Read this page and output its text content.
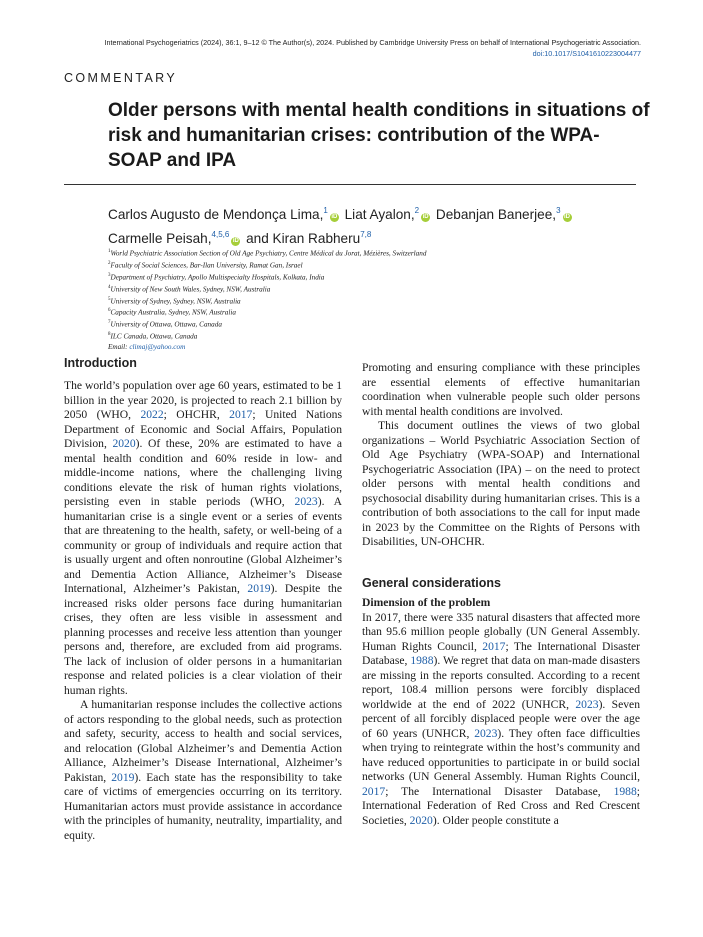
International Psychogeriatrics (2024), 36:1, 9–12 © The Author(s), 2024. Published by Cambridge University Press on behalf of International Psychogeriatric Association.
doi:10.1017/S1041610223004477
COMMENTARY
Older persons with mental health conditions in situations of risk and humanitarian crises: contribution of the WPA-SOAP and IPA
Carlos Augusto de Mendonça Lima,$^1$iD Liat Ayalon,$^2$iD Debanjan Banerjee,$^3$iD
Carmelle Peisah,$^{4,5,6}$iD and Kiran Rabheru$^{7,8}$
$^1$World Psychiatric Association Section of Old Age Psychiatry, Centre Médical du Jorat, Mézières, Switzerland
$^2$Faculty of Social Sciences, Bar-Ilan University, Ramat Gan, Israel
$^3$Department of Psychiatry, Apollo Multispecialty Hospitals, Kolkata, India
$^4$University of New South Wales, Sydney, NSW, Australia
$^5$University of Sydney, Sydney, NSW, Australia
$^6$Capacity Australia, Sydney, NSW, Australia
$^7$University of Ottawa, Ottawa, Canada
$^8$ILC Canada, Ottawa, Canada
Email: climaj@yahoo.com
Introduction

The world’s population over age 60 years, estimated to be 1 billion in the year 2020, is projected to reach 2.1 billion by 2050 (WHO, 2022; OHCHR, 2017; United Nations Department of Economic and Social Affairs, Population Division, 2020). Of these, 20% are estimated to have a mental health condition and 60% reside in low- and middle-income nations, where the challenging living conditions elevate the risk of human rights violations, persisting even in stable periods (WHO, 2023). A humanitarian crise is a single event or a series of events that are threatening to the health, safety, or well-being of a community or group of individuals and require action that is usually urgent and often nonroutine (Global Alzheimer’s and Dementia Action Alliance, Alzheimer’s Disease International, Alzheimer’s Pakistan, 2019). Despite the increased risks older persons face during humanitarian crises, they often are less visible in assessment and planning processes and receive less attention than younger persons and, therefore, are excluded from aid programs. The lack of inclusion of older persons in a humanitarian response and related policies is a clear violation of their human rights.

A humanitarian response includes the collective actions of actors responding to the global needs, such as protection and safety, security, access to health and social services, and relocation (Global Alzheimer’s and Dementia Action Alliance, Alzheimer’s Disease International, Alzheimer’s Pakistan, 2019). Each state has the responsibility to take care of victims of emergencies occurring on its territory. Humanitarian actors must provide assistance in accordance with the principles of humanity, neutrality, impartiality, and equity.

Promoting and ensuring compliance with these principles are essential elements of effective humanitarian coordination when vulnerable people such older persons with mental health conditions are involved.

This document outlines the views of two global organizations – World Psychiatric Association Section of Old Age Psychiatry (WPA-SOAP) and International Psychogeriatric Association (IPA) – on the need to protect older persons with mental health conditions and psychosocial disability during humanitarian crises. This is a contribution of both associations to the call for input made in 2023 by the Committee on the Rights of Persons with Disabilities, UN-OHCHR.

General considerations
Dimension of the problem

In 2017, there were 335 natural disasters that affected more than 95.6 million people globally (UN General Assembly. Human Rights Council, 2017; The International Disaster Database, 1988). We regret that data on man-made disasters are missing in the reports consulted. According to a recent report, 108.4 million persons were forcibly displaced worldwide at the end of 2022 (UNHCR, 2023). Seven percent of all forcibly displaced people were over the age of 60 years (UNHCR, 2023). They often face difficulties when trying to reintegrate within the host’s community and have reduced opportunities to participate in or build social networks (UN General Assembly. Human Rights Council, 2017; The International Disaster Database, 1988; International Federation of Red Cross and Red Crescent Societies, 2020). Older people constitute a
